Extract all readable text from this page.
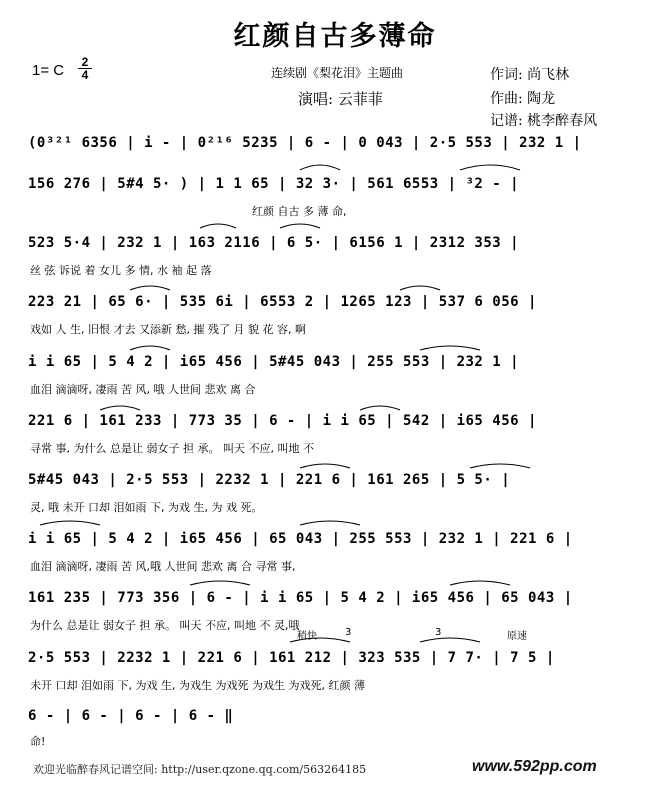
红颜自古多薄命
1= C	2
4	连续剧《梨花泪》主题曲
演唱: 云菲菲
作词: 尚飞林
作曲: 陶龙
记谱: 桃李醉春风
稍快	3	3	原速
(0³²¹ 6356 | i - | 0²¹⁶ 5235 | 6 - | 0 043 | 2·5 553 | 232 1 |
156 276 | 5#4 5· ) | 1 1 65 | 32 3· | 561 6553 | ³2 - |
红颜 自古 多 薄 命,
523 5·4 | 232 1 | 163 2116 | 6 5· | 6156 1 | 2312 353 |
丝 弦 诉说 着 女儿 多 情, 水 袖 起 落
223 21 | 65 6· | 535 6i | 6553 2 | 1265 123 | 537 6 056 |
戏如 人 生, 旧恨 才去 又添新 愁, 摧 残了 月 貌 花 容, 啊
i i 65 | 5 4 2 | i65 456 | 5#45 043 | 255 553 | 232 1 |
血泪 滴滴呀, 凄雨 苦 风, 哦 人世间 悲欢 离 合
221 6 | 161 233 | 773 35 | 6 - | i i 65 | 542 | i65 456 |
寻常 事, 为什么 总是让 弱女子 担 承。 叫天 不应, 叫地 不
5#45 043 | 2·5 553 | 2232 1 | 221 6 | 161 265 | 5 5· |
灵, 哦 未开 口却 泪如雨 下, 为戏 生, 为 戏 死。
i i 65 | 5 4 2 | i65 456 | 65 043 | 255 553 | 232 1 | 221 6 |
血泪 滴滴呀, 凄雨 苦 风,哦 人世间 悲欢 离 合 寻常 事,
161 235 | 773 356 | 6 - | i i 65 | 5 4 2 | i65 456 | 65 043 |
为什么 总是让 弱女子 担 承。 叫天 不应, 叫地 不 灵,哦
2·5 553 | 2232 1 | 221 6 | 161 212 | 323 535 | 7 7· | 7 5 |
未开 口却 泪如雨 下, 为戏 生, 为戏生 为戏死 为戏生 为戏死, 红颜 薄
6 - | 6 - | 6 - | 6 - ‖
命!
欢迎光临醉春风记谱空间: http://user.qzone.qq.com/563264185	www.592pp.com
